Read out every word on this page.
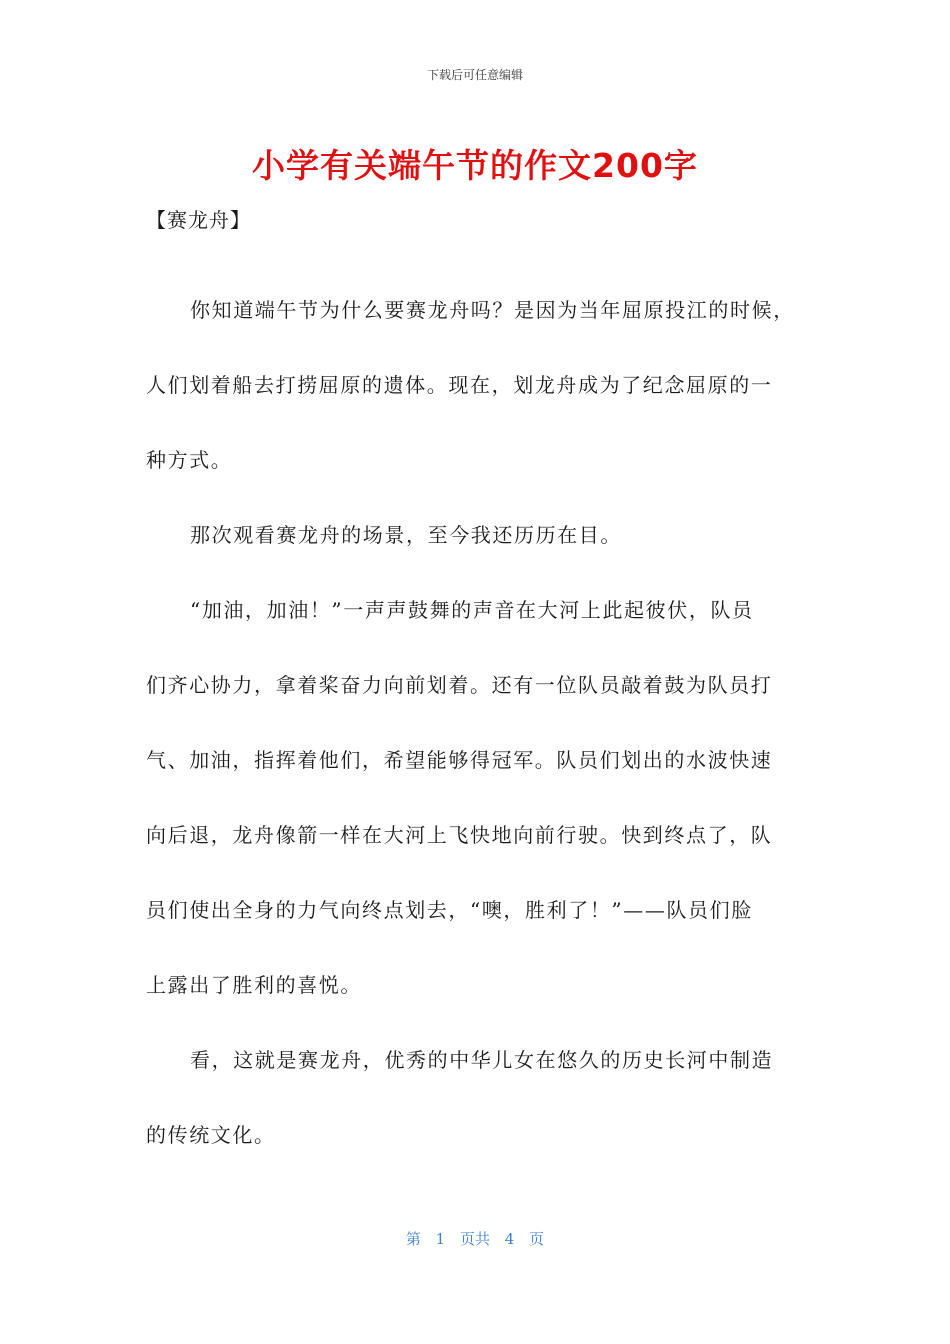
下载后可任意编辑
小学有关端午节的作文200字
【赛龙舟】

你知道端午节为什么要赛龙舟吗？是因为当年屈原投江的时候，
人们划着船去打捞屈原的遗体。现在，划龙舟成为了纪念屈原的一
种方式。

那次观看赛龙舟的场景，至今我还历历在目。

“加油，加油！”一声声鼓舞的声音在大河上此起彼伏，队员
们齐心协力，拿着桨奋力向前划着。还有一位队员敲着鼓为队员打
气、加油，指挥着他们，希望能够得冠军。队员们划出的水波快速
向后退，龙舟像箭一样在大河上飞快地向前行驶。快到终点了，队
员们使出全身的力气向终点划去，“噢，胜利了！”——队员们脸
上露出了胜利的喜悦。

看，这就是赛龙舟，优秀的中华儿女在悠久的历史长河中制造
的传统文化。

第 1 页共 4 页
